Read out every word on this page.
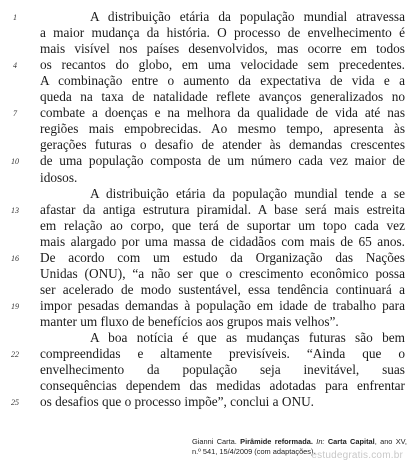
A distribuição etária da população mundial atravessa
a maior mudança da história. O processo de envelhecimento é
mais visível nos países desenvolvidos, mas ocorre em todos
os recantos do globo, em uma velocidade sem precedentes.
A combinação entre o aumento da expectativa de vida e a
queda na taxa de natalidade reflete avanços generalizados no
combate a doenças e na melhora da qualidade de vida até nas
regiões mais empobrecidas. Ao mesmo tempo, apresenta às
gerações futuras o desafio de atender às demandas crescentes
de uma população composta de um número cada vez maior de
idosos.
A distribuição etária da população mundial tende a se
afastar da antiga estrutura piramidal. A base será mais estreita
em relação ao corpo, que terá de suportar um topo cada vez
mais alargado por uma massa de cidadãos com mais de 65 anos.
De acordo com um estudo da Organização das Nações
Unidas (ONU), “a não ser que o crescimento econômico possa
ser acelerado de modo sustentável, essa tendência continuará a
impor pesadas demandas à população em idade de trabalho para
manter um fluxo de benefícios aos grupos mais velhos”.
A boa notícia é que as mudanças futuras são bem
compreendidas e altamente previsíveis. “Ainda que o
envelhecimento da população seja inevitável, suas
consequências dependem das medidas adotadas para enfrentar
os desafios que o processo impõe”, conclui a ONU.
1
4
7
10
13
16
19
22
25
Gianni Carta. Pirâmide reformada. In: Carta Capital, ano XV, n.º 541, 15/4/2009 (com adaptações).
estudegratis.com.br
